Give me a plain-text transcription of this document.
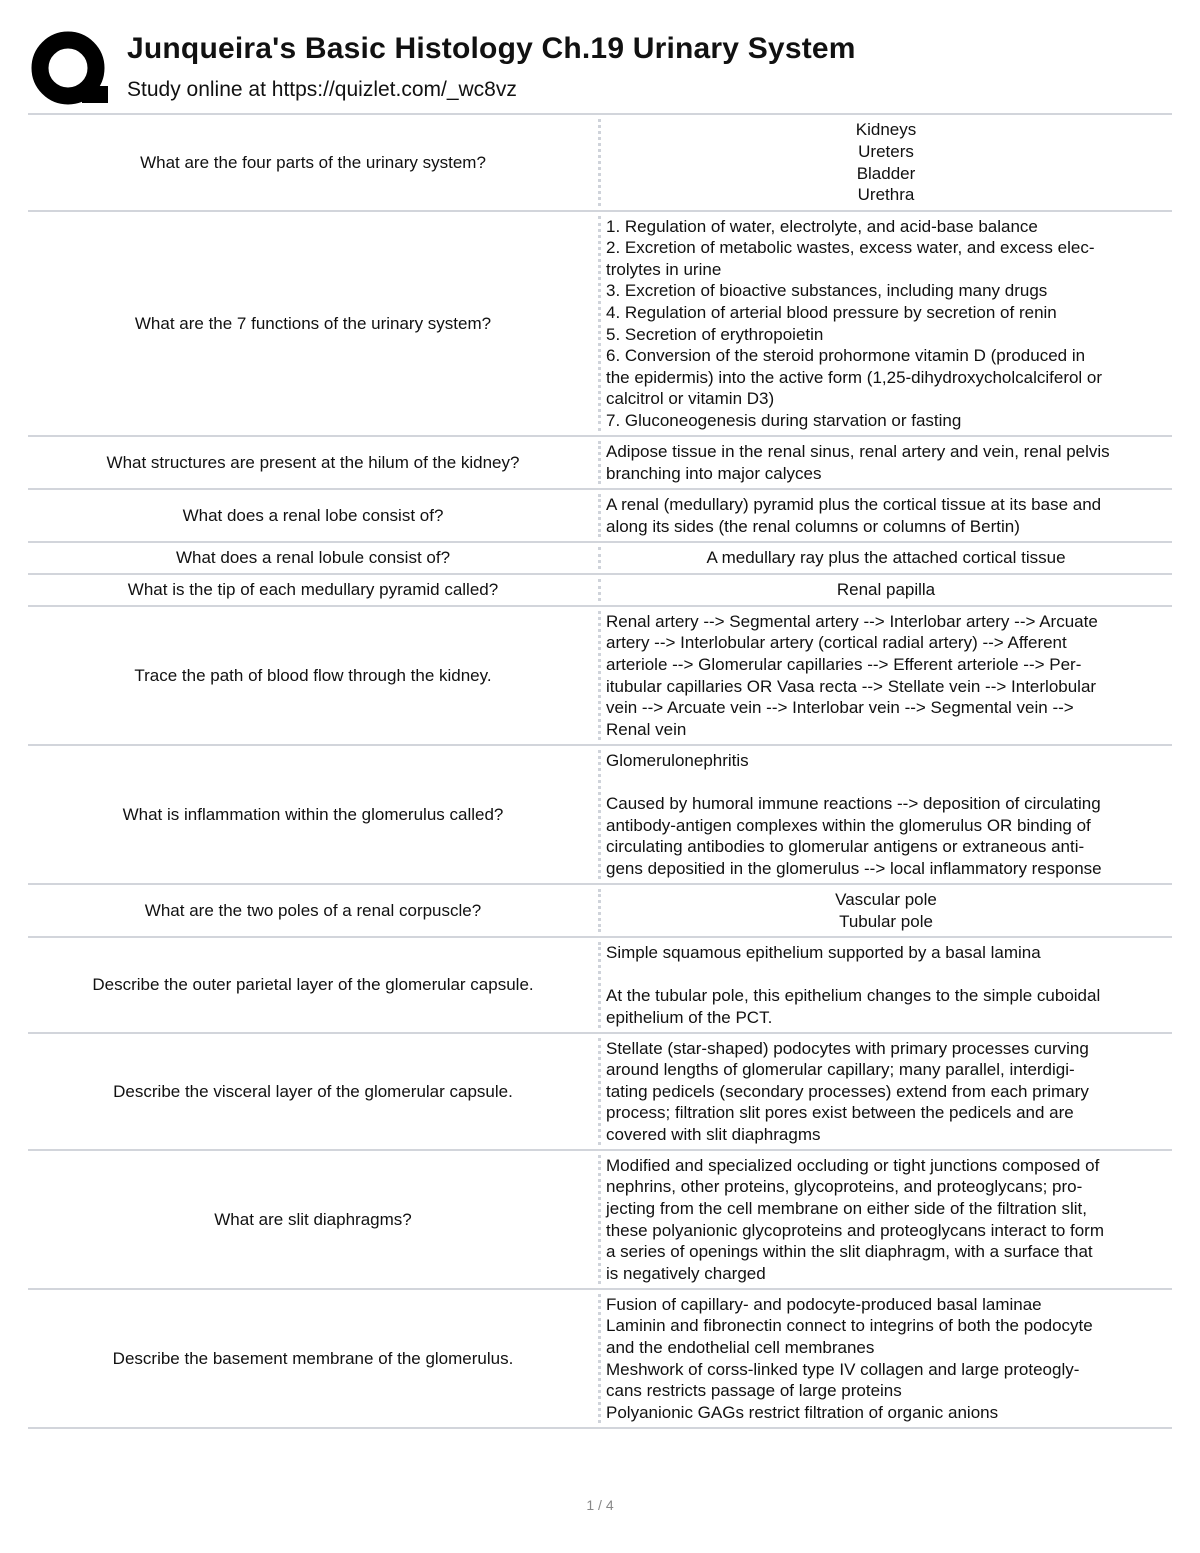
Junqueira's Basic Histology Ch.19 Urinary System

Study online at https://quizlet.com/_wc8vz

What are the four parts of the urinary system?
Kidneys
Ureters
Bladder
Urethra
What are the 7 functions of the urinary system?
1. Regulation of water, electrolyte, and acid-base balance
2. Excretion of metabolic wastes, excess water, and excess elec-
trolytes in urine
3. Excretion of bioactive substances, including many drugs
4. Regulation of arterial blood pressure by secretion of renin
5. Secretion of erythropoietin
6. Conversion of the steroid prohormone vitamin D (produced in
the epidermis) into the active form (1,25-dihydroxycholcalciferol or
calcitrol or vitamin D3)
7. Gluconeogenesis during starvation or fasting
What structures are present at the hilum of the kidney?
Adipose tissue in the renal sinus, renal artery and vein, renal pelvis
branching into major calyces
What does a renal lobe consist of?
A renal (medullary) pyramid plus the cortical tissue at its base and
along its sides (the renal columns or columns of Bertin)
What does a renal lobule consist of?	A medullary ray plus the attached cortical tissue
What is the tip of each medullary pyramid called?	Renal papilla
Trace the path of blood flow through the kidney.
Renal artery --> Segmental artery --> Interlobar artery --> Arcuate
artery --> Interlobular artery (cortical radial artery) --> Afferent
arteriole --> Glomerular capillaries --> Efferent arteriole --> Per-
itubular capillaries OR Vasa recta --> Stellate vein --> Interlobular
vein --> Arcuate vein --> Interlobar vein --> Segmental vein -->
Renal vein
What is inflammation within the glomerulus called?
Glomerulonephritis

Caused by humoral immune reactions --> deposition of circulating
antibody-antigen complexes within the glomerulus OR binding of
circulating antibodies to glomerular antigens or extraneous anti-
gens depositied in the glomerulus --> local inflammatory response
What are the two poles of a renal corpuscle?
Vascular pole
Tubular pole
Describe the outer parietal layer of the glomerular capsule.
Simple squamous epithelium supported by a basal lamina

At the tubular pole, this epithelium changes to the simple cuboidal
epithelium of the PCT.
Describe the visceral layer of the glomerular capsule.
Stellate (star-shaped) podocytes with primary processes curving
around lengths of glomerular capillary; many parallel, interdigi-
tating pedicels (secondary processes) extend from each primary
process; filtration slit pores exist between the pedicels and are
covered with slit diaphragms
What are slit diaphragms?
Modified and specialized occluding or tight junctions composed of
nephrins, other proteins, glycoproteins, and proteoglycans; pro-
jecting from the cell membrane on either side of the filtration slit,
these polyanionic glycoproteins and proteoglycans interact to form
a series of openings within the slit diaphragm, with a surface that
is negatively charged
Describe the basement membrane of the glomerulus.
Fusion of capillary- and podocyte-produced basal laminae
Laminin and fibronectin connect to integrins of both the podocyte
and the endothelial cell membranes
Meshwork of corss-linked type IV collagen and large proteogly-
cans restricts passage of large proteins
Polyanionic GAGs restrict filtration of organic anions
1 / 4
